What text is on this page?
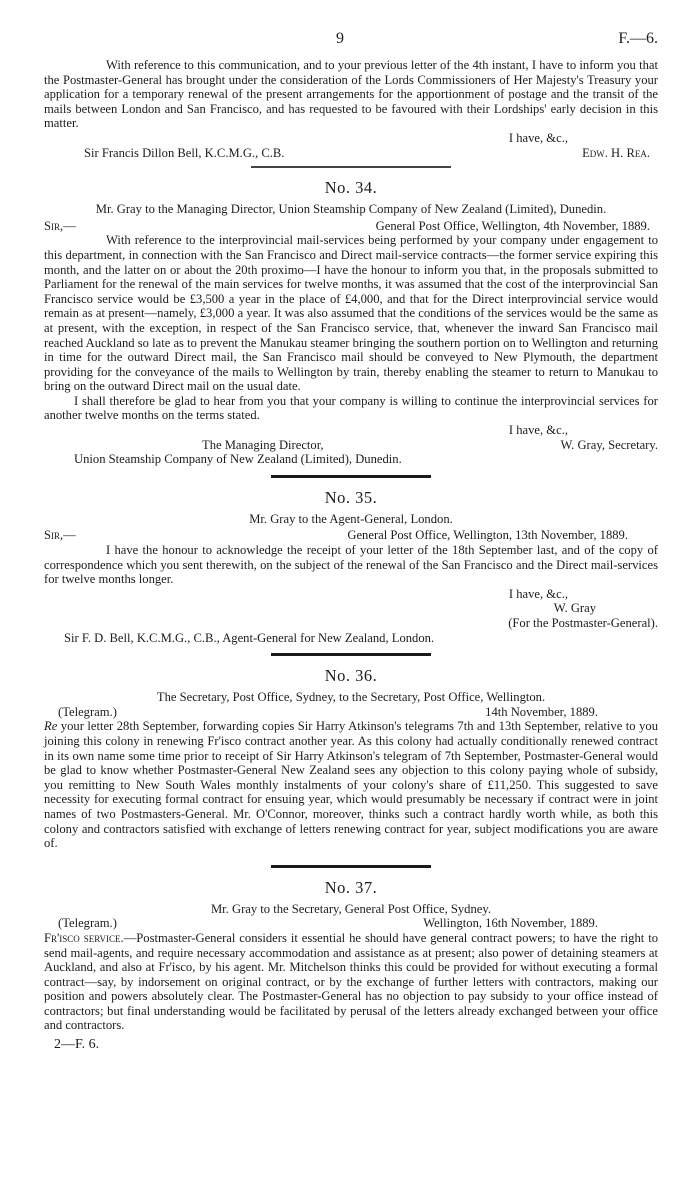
9	F.—6.

With reference to this communication, and to your previous letter of the 4th instant, I have to inform you that the Postmaster-General has brought under the consideration of the Lords Commissioners of Her Majesty's Treasury your application for a temporary renewal of the present arrangements for the apportionment of postage and the transit of the mails between London and San Francisco, and has requested to be favoured with their Lordships' early decision in this matter.

I have, &c.,

Sir Francis Dillon Bell, K.C.M.G., C.B.	Edw. H. Rea.
No. 34.
Mr. Gray to the Managing Director, Union Steamship Company of New Zealand (Limited), Dunedin.
Sir,—	General Post Office, Wellington, 4th November, 1889.

With reference to the interprovincial mail-services being performed by your company under engagement to this department, in connection with the San Francisco and Direct mail-service contracts—the former service expiring this month, and the latter on or about the 20th proximo—I have the honour to inform you that, in the proposals submitted to Parliament for the renewal of the main services for twelve months, it was assumed that the cost of the interprovincial San Francisco service would be £3,500 a year in the place of £4,000, and that for the Direct interprovincial service would remain as at present—namely, £3,000 a year. It was also assumed that the conditions of the services would be the same as at present, with the exception, in respect of the San Francisco service, that, whenever the inward San Francisco mail reached Auckland so late as to prevent the Manukau steamer bringing the southern portion on to Wellington and returning in time for the outward Direct mail, the San Francisco mail should be conveyed to New Plymouth, the department providing for the conveyance of the mails to Wellington by train, thereby enabling the steamer to return to Manukau to bring on the outward Direct mail on the usual date.

I shall therefore be glad to hear from you that your company is willing to continue the interprovincial services for another twelve months on the terms stated.

I have, &c.,

The Managing Director,	W. Gray, Secretary.
Union Steamship Company of New Zealand (Limited), Dunedin.
No. 35.
Mr. Gray to the Agent-General, London.
Sir,—	General Post Office, Wellington, 13th November, 1889.

I have the honour to acknowledge the receipt of your letter of the 18th September last, and of the copy of correspondence which you sent therewith, on the subject of the renewal of the San Francisco and the Direct mail-services for twelve months longer.

I have, &c.,

W. Gray

(For the Postmaster-General).

Sir F. D. Bell, K.C.M.G., C.B., Agent-General for New Zealand, London.
No. 36.
The Secretary, Post Office, Sydney, to the Secretary, Post Office, Wellington.
(Telegram.)	14th November, 1889.

Re your letter 28th September, forwarding copies Sir Harry Atkinson's telegrams 7th and 13th September, relative to you joining this colony in renewing Fr'isco contract another year. As this colony had actually conditionally renewed contract in its own name some time prior to receipt of Sir Harry Atkinson's telegram of 7th September, Postmaster-General would be glad to know whether Postmaster-General New Zealand sees any objection to this colony paying whole of subsidy, you remitting to New South Wales monthly instalments of your colony's share of £11,250. This suggested to save necessity for executing formal contract for ensuing year, which would presumably be necessary if contract were in joint names of two Postmasters-General. Mr. O'Connor, moreover, thinks such a contract hardly worth while, as both this colony and contractors satisfied with exchange of letters renewing contract for year, subject modifications you are aware of.

No. 37.
Mr. Gray to the Secretary, General Post Office, Sydney.
(Telegram.)	Wellington, 16th November, 1889.

Fr'isco service.—Postmaster-General considers it essential he should have general contract powers; to have the right to send mail-agents, and require necessary accommodation and assistance as at present; also power of detaining steamers at Auckland, and also at Fr'isco, by his agent. Mr. Mitchelson thinks this could be provided for without executing a formal contract—say, by indorsement on original contract, or by the exchange of further letters with contractors, making our position and powers absolutely clear. The Postmaster-General has no objection to pay subsidy to your office instead of contractors; but final understanding would be facilitated by perusal of the letters already exchanged between your office and contractors.

2—F. 6.
